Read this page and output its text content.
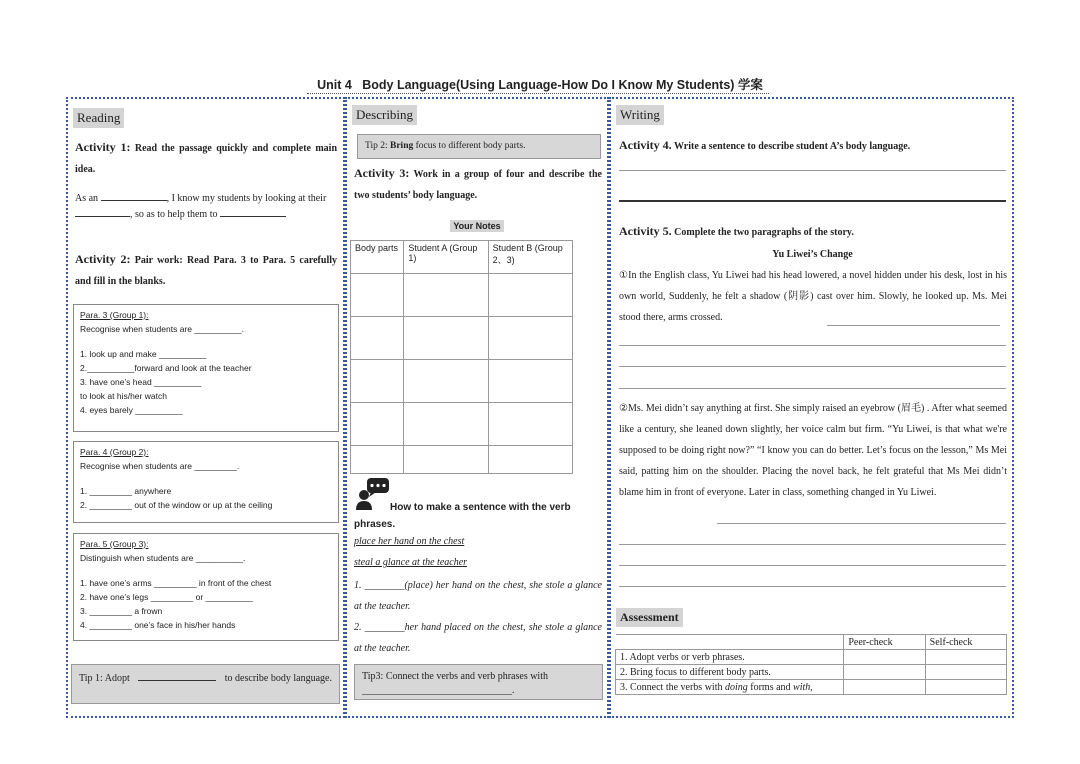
Unit 4   Body Language(Using Language-How Do I Know My Students) 学案
Reading
Activity 1: Read the passage quickly and complete main idea.
As an	, I know my students by looking at their, so as to help them to
Activity 2: Pair work: Read Para. 3 to Para. 5 carefully and fill in the blanks.
Para. 3 (Group 1):
Recognise when students are __________.
1. look up and make __________
2.__________forward and look at the teacher
3. have one’s head __________
to look at his/her watch
4. eyes barely __________
Para. 4 (Group 2):
Recognise when students are _________.
1. _________ anywhere
2. _________ out of the window or up at the ceiling
Para. 5 (Group 3):
Distinguish when students are __________.
1. have one’s arms _________ in front of the chest
2. have one’s legs _________ or __________
3. _________ a frown
4. _________ one’s face in his/her hands
Tip 1: Adopt	to describe body language.
Describing
Tip 2: Bring focus to different body parts.
Activity 3: Work in a group of four and describe the two students’ body language.
Your Notes
Body parts	Student A (Group 1)	Student B (Group 2、3)

How to make a sentence with the verb phrases.
place her hand on the chest
steal a glance at the teacher
1. ________(place) her hand on the chest, she stole a glance at the teacher.
2. ________her hand placed on the chest, she stole a glance at the teacher.
Tip3: Connect the verbs and verb phrases with ______________________________.
Writing
Activity 4. Write a sentence to describe student A’s body language.
Activity 5. Complete the two paragraphs of the story.
Yu Liwei’s Change
①In the English class, Yu Liwei had his head lowered, a novel hidden under his desk, lost in his own world, Suddenly, he felt a shadow (阴影) cast over him. Slowly, he looked up. Ms. Mei stood there, arms crossed.
②Ms. Mei didn’t say anything at first. She simply raised an eyebrow (眉毛) . After what seemed like a century, she leaned down slightly, her voice calm but firm. “Yu Liwei, is that what we're supposed to be doing right now?” “I know you can do better. Let’s focus on the lesson,” Ms Mei said, patting him on the shoulder. Placing the novel back, he felt grateful that Ms Mei didn’t blame him in front of everyone. Later in class, something changed in Yu Liwei.
Assessment
	Peer-check	Self-check
1. Adopt verbs or verb phrases.		
2. Bring focus to different body parts.		
3. Connect the verbs with doing forms and with,		
